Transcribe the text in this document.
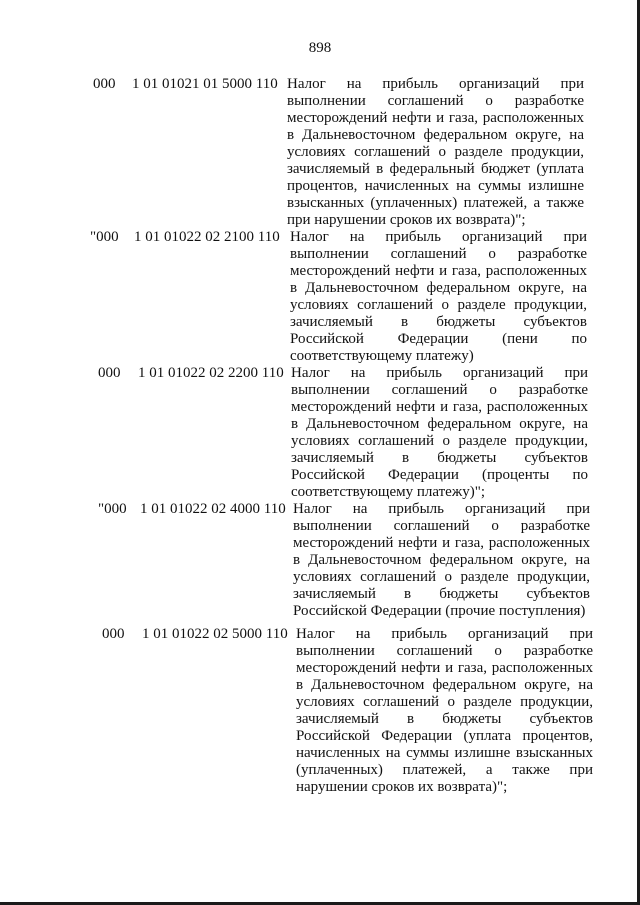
898
000 1 01 01021 01 5000 110 Налог на прибыль организаций при выполнении соглашений о разработке месторождений нефти и газа, расположенных в Дальневосточном федеральном округе, на условиях соглашений о разделе продукции, зачисляемый в федеральный бюджет (уплата процентов, начисленных на суммы излишне взысканных (уплаченных) платежей, а также при нарушении сроков их возврата)";
"000 1 01 01022 02 2100 110 Налог на прибыль организаций при выполнении соглашений о разработке месторождений нефти и газа, расположенных в Дальневосточном федеральном округе, на условиях соглашений о разделе продукции, зачисляемый в бюджеты субъектов Российской Федерации (пени по соответствующему платежу)
000 1 01 01022 02 2200 110 Налог на прибыль организаций при выполнении соглашений о разработке месторождений нефти и газа, расположенных в Дальневосточном федеральном округе, на условиях соглашений о разделе продукции, зачисляемый в бюджеты субъектов Российской Федерации (проценты по соответствующему платежу)";
"000 1 01 01022 02 4000 110 Налог на прибыль организаций при выполнении соглашений о разработке месторождений нефти и газа, расположенных в Дальневосточном федеральном округе, на условиях соглашений о разделе продукции, зачисляемый в бюджеты субъектов Российской Федерации (прочие поступления)
000 1 01 01022 02 5000 110 Налог на прибыль организаций при выполнении соглашений о разработке месторождений нефти и газа, расположенных в Дальневосточном федеральном округе, на условиях соглашений о разделе продукции, зачисляемый в бюджеты субъектов Российской Федерации (уплата процентов, начисленных на суммы излишне взысканных (уплаченных) платежей, а также при нарушении сроков их возврата)";
